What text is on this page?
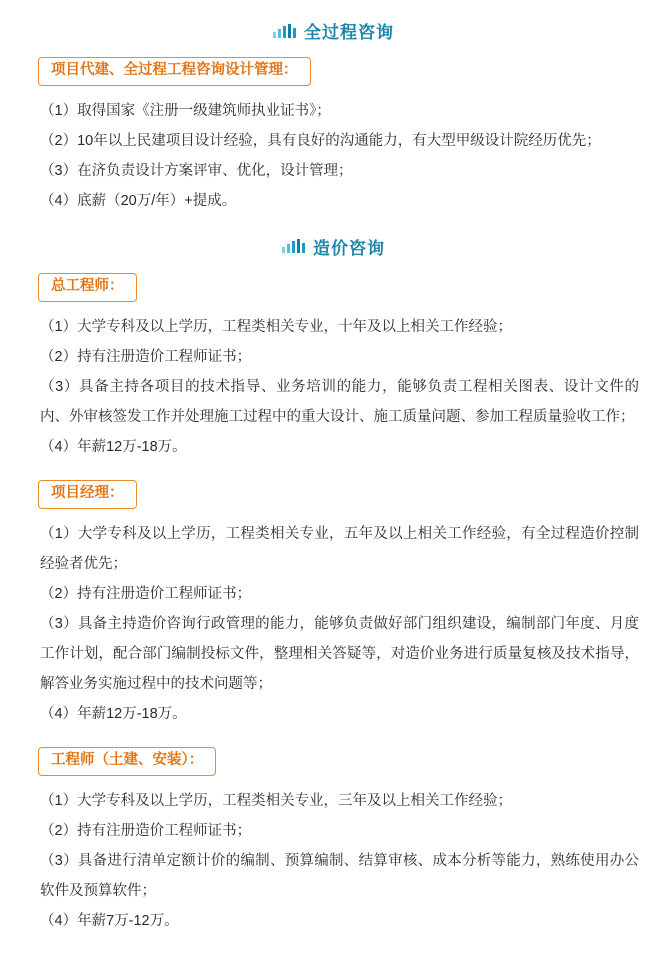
全过程咨询
项目代建、全过程工程咨询设计管理：
（1）取得国家《注册一级建筑师执业证书》；
（2）10年以上民建项目设计经验，具有良好的沟通能力，有大型甲级设计院经历优先；
（3）在济负责设计方案评审、优化，设计管理；
（4）底薪（20万/年）+提成。
造价咨询
总工程师：
（1）大学专科及以上学历，工程类相关专业，十年及以上相关工作经验；
（2）持有注册造价工程师证书；
（3）具备主持各项目的技术指导、业务培训的能力，能够负责工程相关图表、设计文件的内、外审核签发工作并处理施工过程中的重大设计、施工质量问题、参加工程质量验收工作；
（4）年薪12万-18万。
项目经理：
（1）大学专科及以上学历，工程类相关专业，五年及以上相关工作经验，有全过程造价控制经验者优先；
（2）持有注册造价工程师证书；
（3）具备主持造价咨询行政管理的能力，能够负责做好部门组织建设，编制部门年度、月度工作计划，配合部门编制投标文件，整理相关答疑等，对造价业务进行质量复核及技术指导，解答业务实施过程中的技术问题等；
（4）年薪12万-18万。
工程师（土建、安装）：
（1）大学专科及以上学历，工程类相关专业，三年及以上相关工作经验；
（2）持有注册造价工程师证书；
（3）具备进行清单定额计价的编制、预算编制、结算审核、成本分析等能力，熟练使用办公软件及预算软件；
（4）年薪7万-12万。
